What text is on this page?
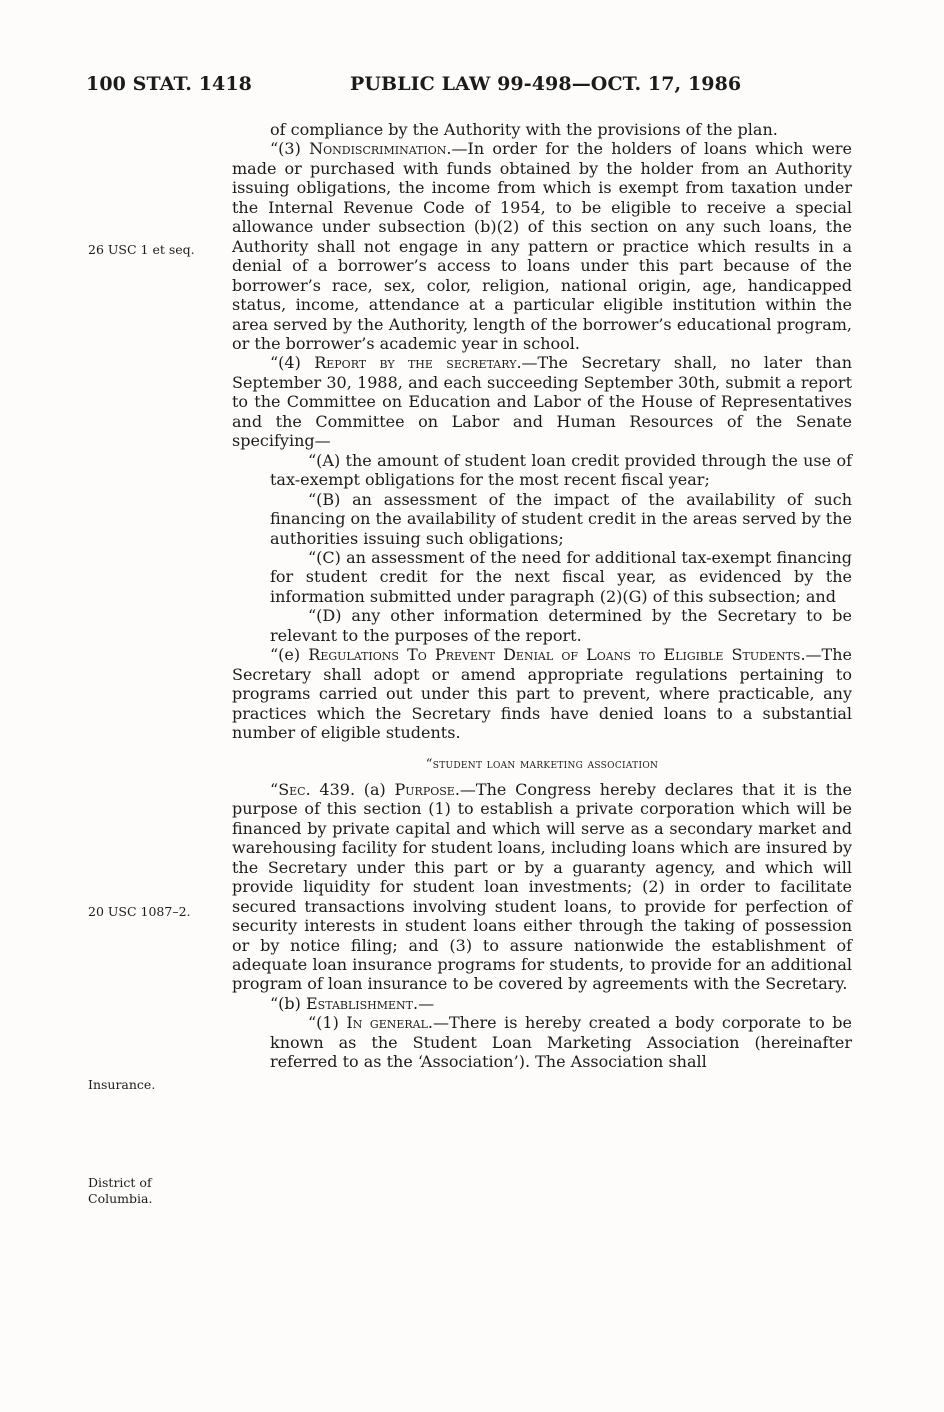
100 STAT. 1418	PUBLIC LAW 99-498—OCT. 17, 1986
26 USC 1 et seq.
20 USC 1087–2.
Insurance.
District of
Columbia.

of compliance by the Authority with the provisions of the plan.

“(3) Nondiscrimination.—In order for the holders of loans which were made or purchased with funds obtained by the holder from an Authority issuing obligations, the income from which is exempt from taxation under the Internal Revenue Code of 1954, to be eligible to receive a special allowance under subsection (b)(2) of this section on any such loans, the Authority shall not engage in any pattern or practice which results in a denial of a borrower’s access to loans under this part because of the borrower’s race, sex, color, religion, national origin, age, handicapped status, income, attendance at a particular eligible institution within the area served by the Authority, length of the borrower’s educational program, or the borrower’s academic year in school.

“(4) Report by the secretary.—The Secretary shall, no later than September 30, 1988, and each succeeding September 30th, submit a report to the Committee on Education and Labor of the House of Representatives and the Committee on Labor and Human Resources of the Senate specifying—

“(A) the amount of student loan credit provided through the use of tax-exempt obligations for the most recent fiscal year;

“(B) an assessment of the impact of the availability of such financing on the availability of student credit in the areas served by the authorities issuing such obligations;

“(C) an assessment of the need for additional tax-exempt financing for student credit for the next fiscal year, as evidenced by the information submitted under paragraph (2)(G) of this subsection; and

“(D) any other information determined by the Secretary to be relevant to the purposes of the report.

“(e) Regulations To Prevent Denial of Loans to Eligible Students.—The Secretary shall adopt or amend appropriate regulations pertaining to programs carried out under this part to prevent, where practicable, any practices which the Secretary finds have denied loans to a substantial number of eligible students.

“student loan marketing association

“Sec. 439. (a) Purpose.—The Congress hereby declares that it is the purpose of this section (1) to establish a private corporation which will be financed by private capital and which will serve as a secondary market and warehousing facility for student loans, including loans which are insured by the Secretary under this part or by a guaranty agency, and which will provide liquidity for student loan investments; (2) in order to facilitate secured transactions involving student loans, to provide for perfection of security interests in student loans either through the taking of possession or by notice filing; and (3) to assure nationwide the establishment of adequate loan insurance programs for students, to provide for an additional program of loan insurance to be covered by agreements with the Secretary.

“(b) Establishment.—

“(1) In general.—There is hereby created a body corporate to be known as the Student Loan Marketing Association (hereinafter referred to as the ‘Association’). The Association shall
